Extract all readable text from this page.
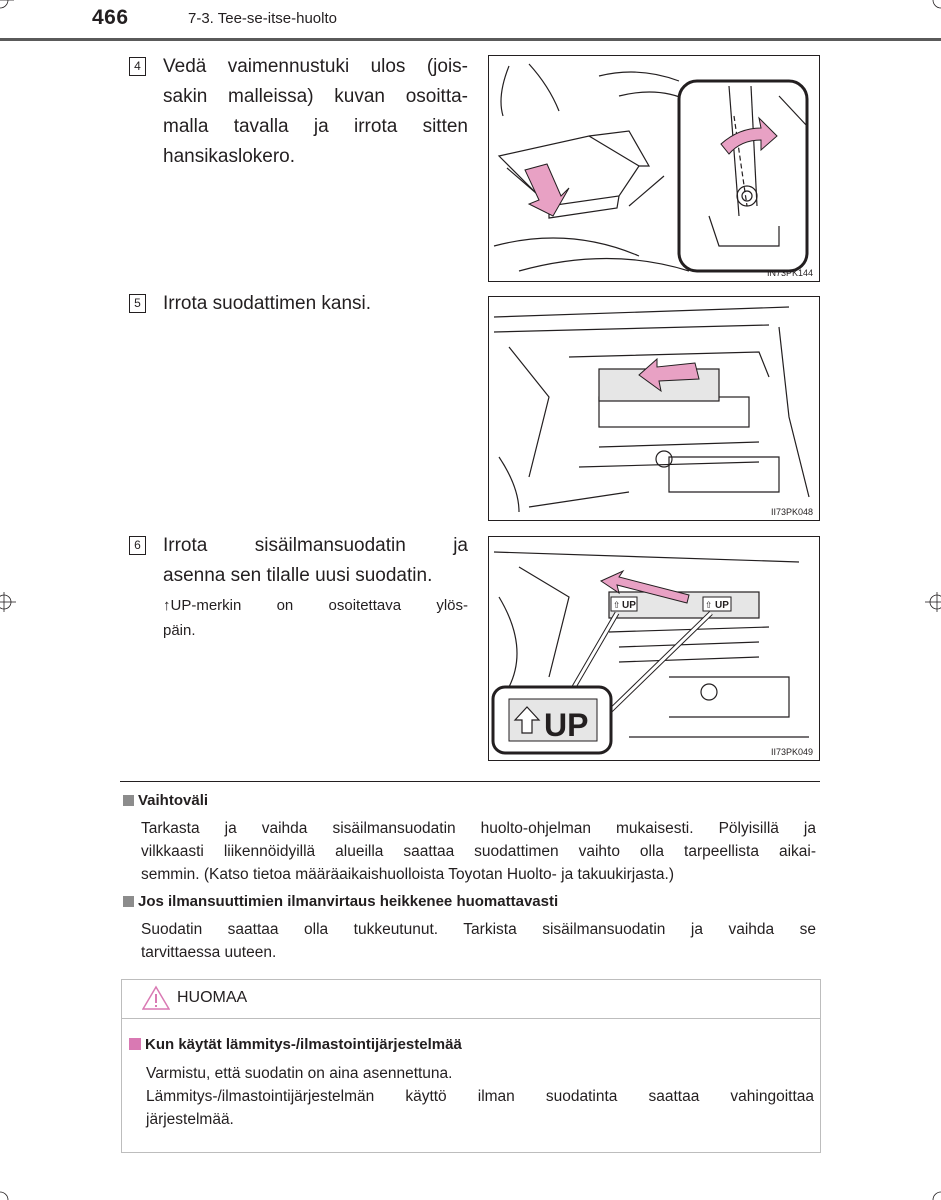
466	7-3. Tee-se-itse-huolto
4 Vedä vaimennustuki ulos (jois-
sakin malleissa) kuvan osoitta-
malla tavalla ja irrota sitten
hansikaslokero.
IN73PK144
5 Irrota suodattimen kansi.
II73PK048
6 Irrota sisäilmansuodatin ja
asenna sen tilalle uusi suodatin.
↑UP-merkin on osoitettava ylös-
päin.
UP
⇧	UP
⇧
UP
II73PK049
Vaihtoväli
Tarkasta ja vaihda sisäilmansuodatin huolto-ohjelman mukaisesti. Pölyisillä ja
vilkkaasti liikennöidyillä alueilla saattaa suodattimen vaihto olla tarpeellista aikai-
semmin. (Katso tietoa määräaikaishuolloista Toyotan Huolto- ja takuukirjasta.)
Jos ilmansuuttimien ilmanvirtaus heikkenee huomattavasti
Suodatin saattaa olla tukkeutunut. Tarkista sisäilmansuodatin ja vaihda se
tarvittaessa uuteen.
HUOMAA
Kun käytät lämmitys-/ilmastointijärjestelmää
Varmistu, että suodatin on aina asennettuna.
Lämmitys-/ilmastointijärjestelmän käyttö ilman suodatinta saattaa vahingoittaa
järjestelmää.
